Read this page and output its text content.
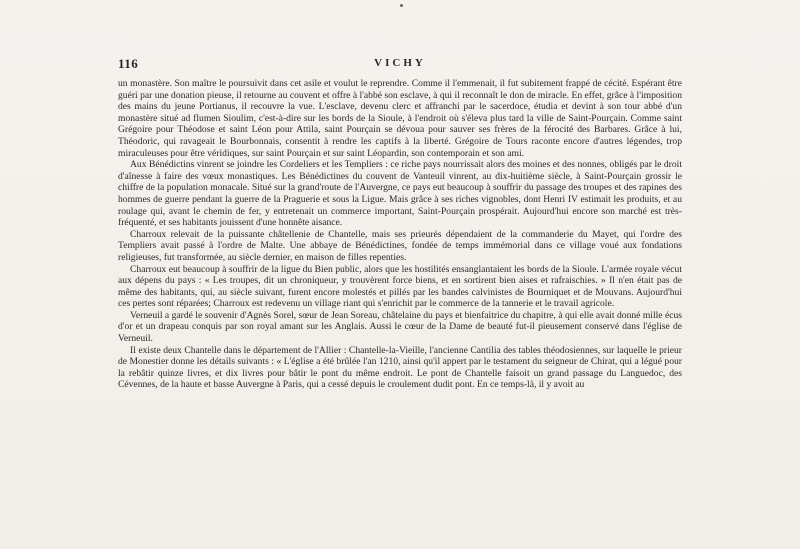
116	VICHY

un monastère. Son maître le poursuivit dans cet asile et voulut le reprendre. Comme il l'emmenait, il fut subitement frappé de cécité. Espérant être guéri par une donation pieuse, il retourne au couvent et offre à l'abbé son esclave, à qui il reconnaît le don de miracle. En effet, grâce à l'imposition des mains du jeune Portianus, il recouvre la vue. L'esclave, devenu clerc et affranchi par le sacerdoce, étudia et devint à son tour abbé d'un monastère situé ad flumen Sioulim, c'est-à-dire sur les bords de la Sioule, à l'endroit où s'éleva plus tard la ville de Saint-Pourçain. Comme saint Grégoire pour Théodose et saint Léon pour Attila, saint Pourçain se dévoua pour sauver ses frères de la férocité des Barbares. Grâce à lui, Théodoric, qui ravageait le Bourbonnais, consentit à rendre les captifs à la liberté. Grégoire de Tours raconte encore d'autres légendes, trop miraculeuses pour être véridiques, sur saint Pourçain et sur saint Léopardin, son contemporain et son ami.

Aux Bénédictins vinrent se joindre les Cordeliers et les Templiers : ce riche pays nourrissait alors des moines et des nonnes, obligés par le droit d'aînesse à faire des vœux monastiques. Les Bénédictines du couvent de Vanteuil vinrent, au dix-huitième siècle, à Saint-Pourçain grossir le chiffre de la population monacale. Situé sur la grand'route de l'Auvergne, ce pays eut beaucoup à souffrir du passage des troupes et des rapines des hommes de guerre pendant la guerre de la Praguerie et sous la Ligue. Mais grâce à ses riches vignobles, dont Henri IV estimait les produits, et au roulage qui, avant le chemin de fer, y entretenait un commerce important, Saint-Pourçain prospérait. Aujourd'hui encore son marché est très-fréquenté, et ses habitants jouissent d'une honnête aisance.

Charroux relevait de la puissante châtellenie de Chantelle, mais ses prieurés dépendaient de la commanderie du Mayet, qui l'ordre des Templiers avait passé à l'ordre de Malte. Une abbaye de Bénédictines, fondée de temps immémorial dans ce village voué aux fondations religieuses, fut transformée, au siècle dernier, en maison de filles repenties.

Charroux eut beaucoup à souffrir de la ligue du Bien public, alors que les hostilités ensanglantaient les bords de la Sioule. L'armée royale vécut aux dépens du pays : « Les troupes, dit un chroniqueur, y trouvèrent force biens, et en sortirent bien aises et rafraischies. » Il n'en était pas de même des habitants, qui, au siècle suivant, furent encore molestés et pillés par les bandes calvinistes de Bourniquet et de Mouvans. Aujourd'hui ces pertes sont réparées; Charroux est redevenu un village riant qui s'enrichit par le commerce de la tannerie et le travail agricole.

Verneuil a gardé le souvenir d'Agnès Sorel, sœur de Jean Soreau, châtelaine du pays et bienfaitrice du chapitre, à qui elle avait donné mille écus d'or et un drapeau conquis par son royal amant sur les Anglais. Aussi le cœur de la Dame de beauté fut-il pieusement conservé dans l'église de Verneuil.

Il existe deux Chantelle dans le département de l'Allier : Chantelle-la-Vieille, l'ancienne Cantilia des tables théodosiennes, sur laquelle le prieur de Monestier donne les détails suivants : « L'église a été brûlée l'an 1210, ainsi qu'il appert par le testament du seigneur de Chirat, qui a légué pour la rebâtir quinze livres, et dix livres pour bâtir le pont du même endroit. Le pont de Chantelle faisoit un grand passage du Languedoc, des Cévennes, de la haute et basse Auvergne à Paris, qui a cessé depuis le croulement dudit pont. En ce temps-là, il y avoit au
